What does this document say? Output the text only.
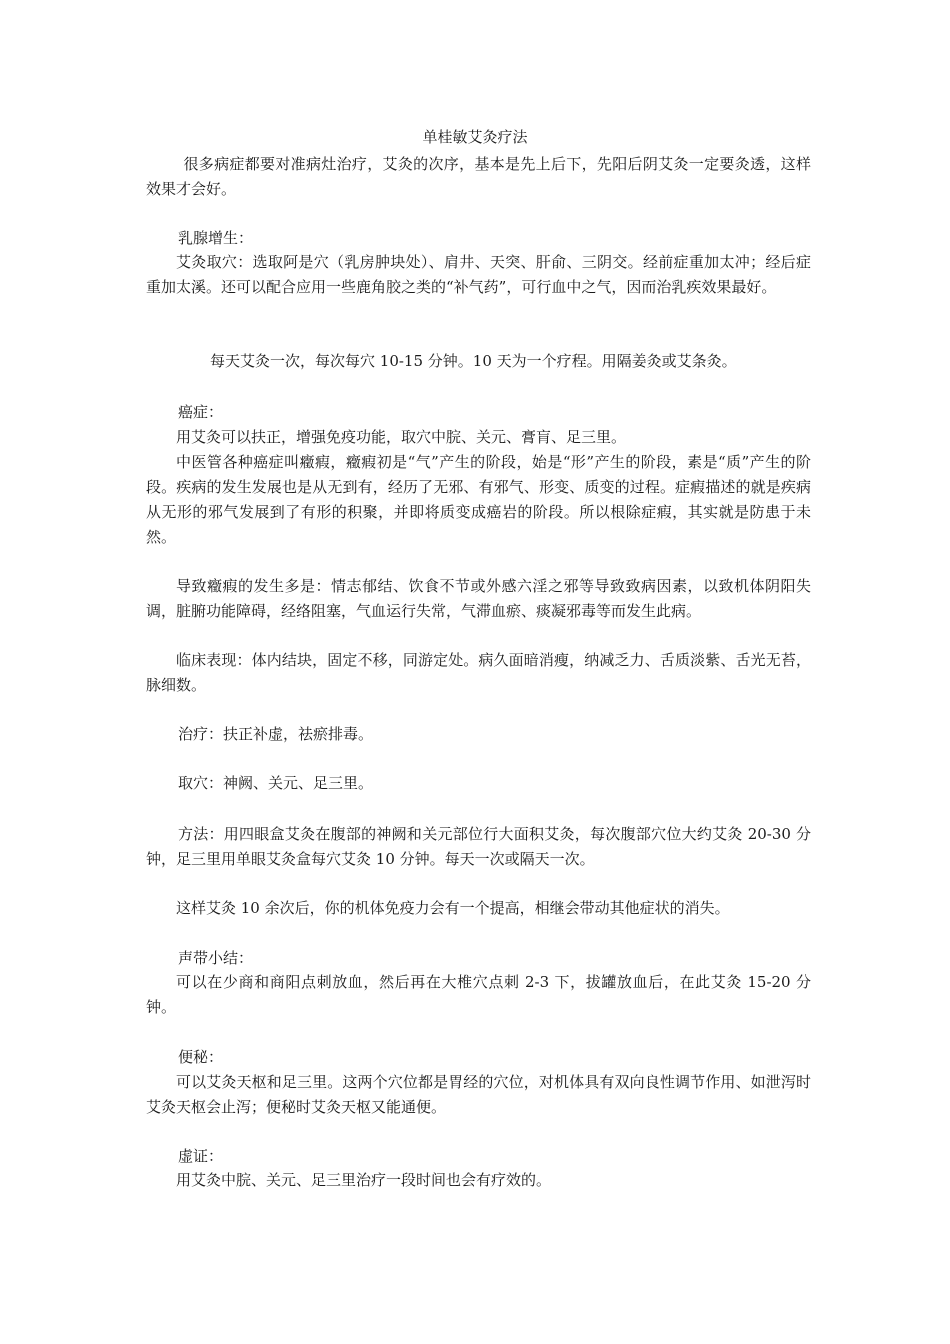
单桂敏艾灸疗法

很多病症都要对准病灶治疗，艾灸的次序，基本是先上后下，先阳后阴艾灸一定要灸透，这样效果才会好。

乳腺增生：

艾灸取穴：选取阿是穴（乳房肿块处）、肩井、天突、肝俞、三阴交。经前症重加太冲；经后症重加太溪。还可以配合应用一些鹿角胶之类的“补气药”，可行血中之气，因而治乳疾效果最好。

每天艾灸一次，每次每穴 10-15 分钟。10 天为一个疗程。用隔姜灸或艾条灸。

癌症：

用艾灸可以扶正，增强免疫功能，取穴中脘、关元、膏肓、足三里。

中医管各种癌症叫癥瘕，癥瘕初是“气”产生的阶段，始是“形”产生的阶段，素是“质”产生的阶段。疾病的发生发展也是从无到有，经历了无邪、有邪气、形变、质变的过程。症瘕描述的就是疾病从无形的邪气发展到了有形的积聚，并即将质变成癌岩的阶段。所以根除症瘕，其实就是防患于未然。

导致癥瘕的发生多是：情志郁结、饮食不节或外感六淫之邪等导致致病因素，以致机体阴阳失调，脏腑功能障碍，经络阻塞，气血运行失常，气滞血瘀、痰凝邪毒等而发生此病。

临床表现：体内结块，固定不移，同游定处。病久面暗消瘦，纳减乏力、舌质淡紫、舌光无苔，脉细数。

治疗：扶正补虚，祛瘀排毒。

取穴：神阙、关元、足三里。

方法：用四眼盒艾灸在腹部的神阙和关元部位行大面积艾灸，每次腹部穴位大约艾灸 20-30 分钟，足三里用单眼艾灸盒每穴艾灸 10 分钟。每天一次或隔天一次。

这样艾灸 10 余次后，你的机体免疫力会有一个提高，相继会带动其他症状的消失。

声带小结：

可以在少商和商阳点刺放血，然后再在大椎穴点刺 2-3 下，拔罐放血后，在此艾灸 15-20 分钟。

便秘：

可以艾灸天枢和足三里。这两个穴位都是胃经的穴位，对机体具有双向良性调节作用、如泄泻时艾灸天枢会止泻；便秘时艾灸天枢又能通便。

虚证：

用艾灸中脘、关元、足三里治疗一段时间也会有疗效的。
